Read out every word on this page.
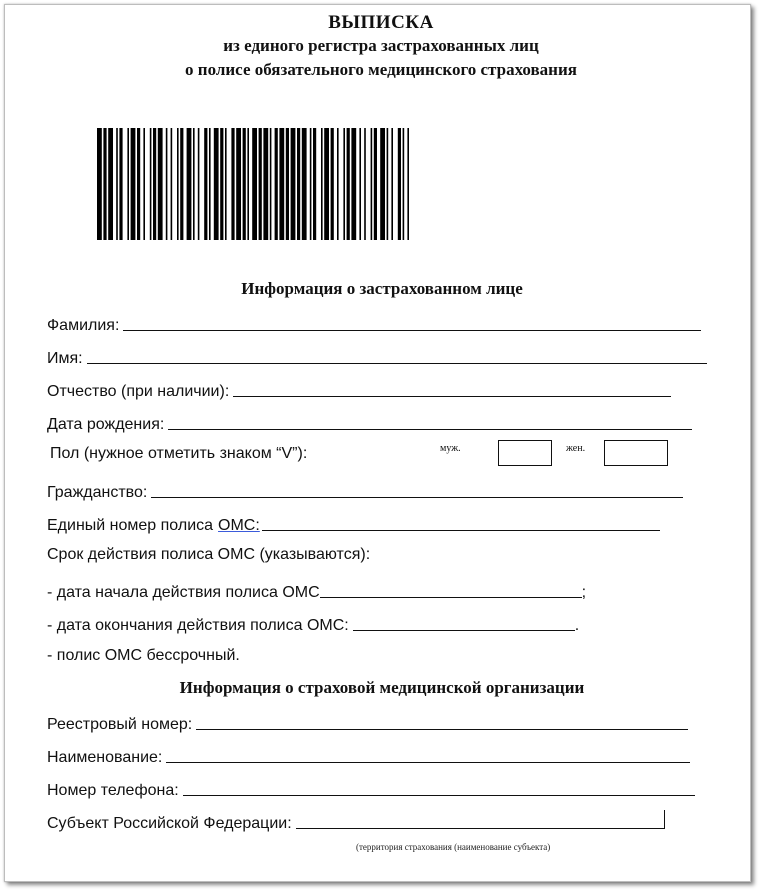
ВЫПИСКА
из единого регистра застрахованных лиц
о полисе обязательного медицинского страхования
Информация о застрахованном лице
Фамилия:
Имя:
Отчество (при наличии):
Дата рождения:
Пол (нужное отметить знаком “V”):	муж.	жен.
Гражданство:
Единый номер полиса ОМС:
Срок действия полиса ОМС (указываются):
- дата начала действия полиса ОМС	;
- дата окончания действия полиса ОМС:	.
- полис ОМС бессрочный.
Информация о страховой медицинской организации
Реестровый номер:
Наименование:
Номер телефона:
Субъект Российской Федерации:
(территория страхования (наименование субъекта)
